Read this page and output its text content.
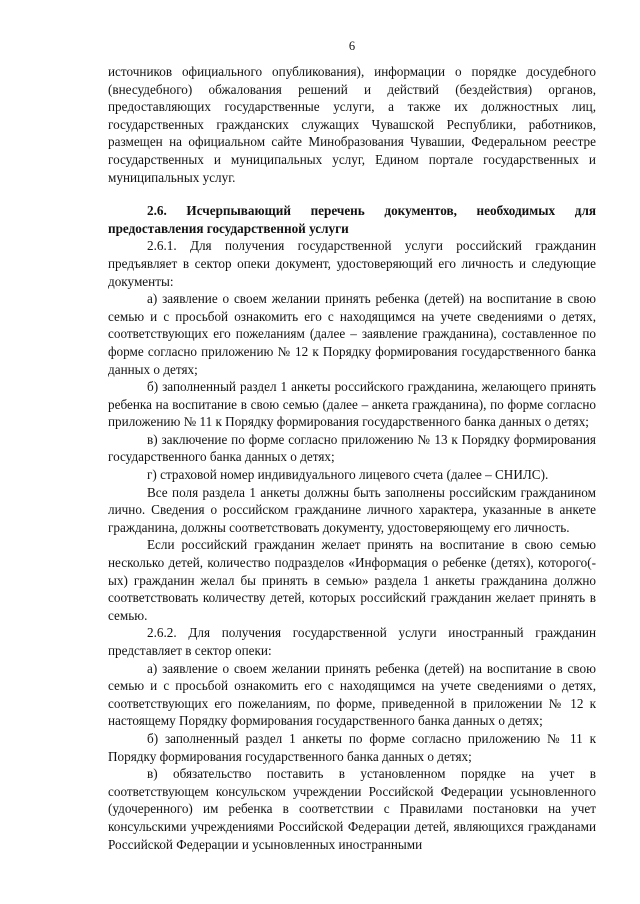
6

источников официального опубликования), информации о порядке досудебного (внесудебного) обжалования решений и действий (бездействия) органов, предоставляющих государственные услуги, а также их должностных лиц, государственных гражданских служащих Чувашской Республики, работников, размещен на официальном сайте Минобразования Чувашии, Федеральном реестре государственных и муниципальных услуг, Едином портале государственных и муниципальных услуг.

2.6. Исчерпывающий перечень документов, необходимых для предоставления государственной услуги

2.6.1. Для получения государственной услуги российский гражданин предъявляет в сектор опеки документ, удостоверяющий его личность и следующие документы:

а) заявление о своем желании принять ребенка (детей) на воспитание в свою семью и с просьбой ознакомить его с находящимся на учете сведениями о детях, соответствующих его пожеланиям (далее – заявление гражданина), составленное по форме согласно приложению № 12 к Порядку формирования государственного банка данных о детях;

б) заполненный раздел 1 анкеты российского гражданина, желающего принять ребенка на воспитание в свою семью (далее – анкета гражданина), по форме согласно приложению № 11 к Порядку формирования государственного банка данных о детях;

в) заключение по форме согласно приложению № 13 к Порядку формирования государственного банка данных о детях;

г) страховой номер индивидуального лицевого счета (далее – СНИЛС).

Все поля раздела 1 анкеты должны быть заполнены российским гражданином лично. Сведения о российском гражданине личного характера, указанные в анкете гражданина, должны соответствовать документу, удостоверяющему его личность.

Если российский гражданин желает принять на воспитание в свою семью несколько детей, количество подразделов «Информация о ребенке (детях), которого(-ых) гражданин желал бы принять в семью» раздела 1 анкеты гражданина должно соответствовать количеству детей, которых российский гражданин желает принять в семью.

2.6.2. Для получения государственной услуги иностранный гражданин представляет в сектор опеки:

а) заявление о своем желании принять ребенка (детей) на воспитание в свою семью и с просьбой ознакомить его с находящимся на учете сведениями о детях, соответствующих его пожеланиям, по форме, приведенной в приложении № 12 к настоящему Порядку формирования государственного банка данных о детях;

б) заполненный раздел 1 анкеты по форме согласно приложению № 11 к Порядку формирования государственного банка данных о детях;

в) обязательство поставить в установленном порядке на учет в соответствующем консульском учреждении Российской Федерации усыновленного (удочеренного) им ребенка в соответствии с Правилами постановки на учет консульскими учреждениями Российской Федерации детей, являющихся гражданами Российской Федерации и усыновленных иностранными
